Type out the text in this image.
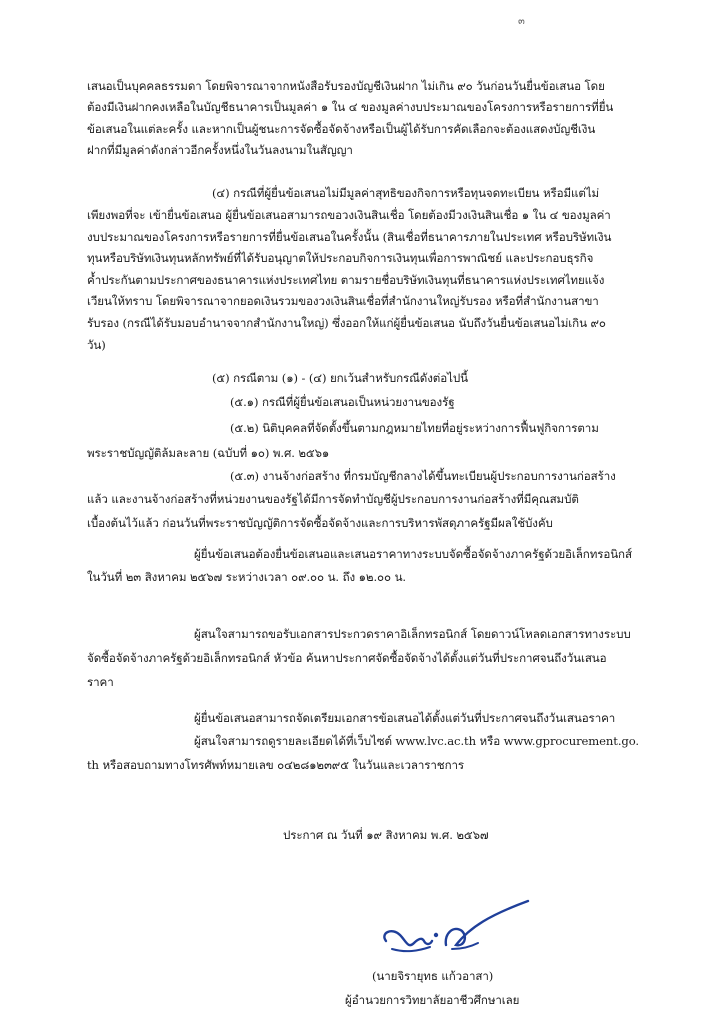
๓
เสนอเป็นบุคคลธรรมดา โดยพิจารณาจากหนังสือรับรองบัญชีเงินฝาก ไม่เกิน ๙๐ วันก่อนวันยื่นข้อเสนอ โดย
ต้องมีเงินฝากคงเหลือในบัญชีธนาคารเป็นมูลค่า ๑ ใน ๔ ของมูลค่างบประมาณของโครงการหรือรายการที่ยื่น
ข้อเสนอในแต่ละครั้ง และหากเป็นผู้ชนะการจัดซื้อจัดจ้างหรือเป็นผู้ได้รับการคัดเลือกจะต้องแสดงบัญชีเงิน
ฝากที่มีมูลค่าดังกล่าวอีกครั้งหนึ่งในวันลงนามในสัญญา
(๔) กรณีที่ผู้ยื่นข้อเสนอไม่มีมูลค่าสุทธิของกิจการหรือทุนจดทะเบียน หรือมีแต่ไม่
เพียงพอที่จะ เข้ายื่นข้อเสนอ ผู้ยื่นข้อเสนอสามารถขอวงเงินสินเชื่อ โดยต้องมีวงเงินสินเชื่อ ๑ ใน ๔ ของมูลค่า
งบประมาณของโครงการหรือรายการที่ยื่นข้อเสนอในครั้งนั้น (สินเชื่อที่ธนาคารภายในประเทศ หรือบริษัทเงิน
ทุนหรือบริษัทเงินทุนหลักทรัพย์ที่ได้รับอนุญาตให้ประกอบกิจการเงินทุนเพื่อการพาณิชย์ และประกอบธุรกิจ
ค้ำประกันตามประกาศของธนาคารแห่งประเทศไทย ตามรายชื่อบริษัทเงินทุนที่ธนาคารแห่งประเทศไทยแจ้ง
เวียนให้ทราบ โดยพิจารณาจากยอดเงินรวมของวงเงินสินเชื่อที่สำนักงานใหญ่รับรอง หรือที่สำนักงานสาขา
รับรอง (กรณีได้รับมอบอำนาจจากสำนักงานใหญ่) ซึ่งออกให้แก่ผู้ยื่นข้อเสนอ นับถึงวันยื่นข้อเสนอไม่เกิน ๙๐
วัน)
(๕) กรณีตาม (๑) - (๔) ยกเว้นสำหรับกรณีดังต่อไปนี้
(๕.๑) กรณีที่ผู้ยื่นข้อเสนอเป็นหน่วยงานของรัฐ
(๕.๒) นิติบุคคลที่จัดตั้งขึ้นตามกฎหมายไทยที่อยู่ระหว่างการฟื้นฟูกิจการตาม
พระราชบัญญัติล้มละลาย (ฉบับที่ ๑๐) พ.ศ. ๒๕๖๑
(๕.๓) งานจ้างก่อสร้าง ที่กรมบัญชีกลางได้ขึ้นทะเบียนผู้ประกอบการงานก่อสร้าง
แล้ว และงานจ้างก่อสร้างที่หน่วยงานของรัฐได้มีการจัดทำบัญชีผู้ประกอบการงานก่อสร้างที่มีคุณสมบัติ
เบื้องต้นไว้แล้ว ก่อนวันที่พระราชบัญญัติการจัดซื้อจัดจ้างและการบริหารพัสดุภาครัฐมีผลใช้บังคับ
ผู้ยื่นข้อเสนอต้องยื่นข้อเสนอและเสนอราคาทางระบบจัดซื้อจัดจ้างภาครัฐด้วยอิเล็กทรอนิกส์
ในวันที่ ๒๓ สิงหาคม ๒๕๖๗ ระหว่างเวลา ๐๙.๐๐ น. ถึง ๑๒.๐๐ น.
ผู้สนใจสามารถขอรับเอกสารประกวดราคาอิเล็กทรอนิกส์ โดยดาวน์โหลดเอกสารทางระบบ
จัดซื้อจัดจ้างภาครัฐด้วยอิเล็กทรอนิกส์ หัวข้อ ค้นหาประกาศจัดซื้อจัดจ้างได้ตั้งแต่วันที่ประกาศจนถึงวันเสนอ
ราคา
ผู้ยื่นข้อเสนอสามารถจัดเตรียมเอกสารข้อเสนอได้ตั้งแต่วันที่ประกาศจนถึงวันเสนอราคา
ผู้สนใจสามารถดูรายละเอียดได้ที่เว็บไซต์ www.lvc.ac.th หรือ www.gprocurement.go.
th หรือสอบถามทางโทรศัพท์หมายเลข ๐๔๒๘๑๒๓๙๕ ในวันและเวลาราชการ
ประกาศ ณ วันที่ ๑๙ สิงหาคม พ.ศ. ๒๕๖๗
(นายจิรายุทธ แก้วอาสา)
ผู้อำนวยการวิทยาลัยอาชีวศึกษาเลย
